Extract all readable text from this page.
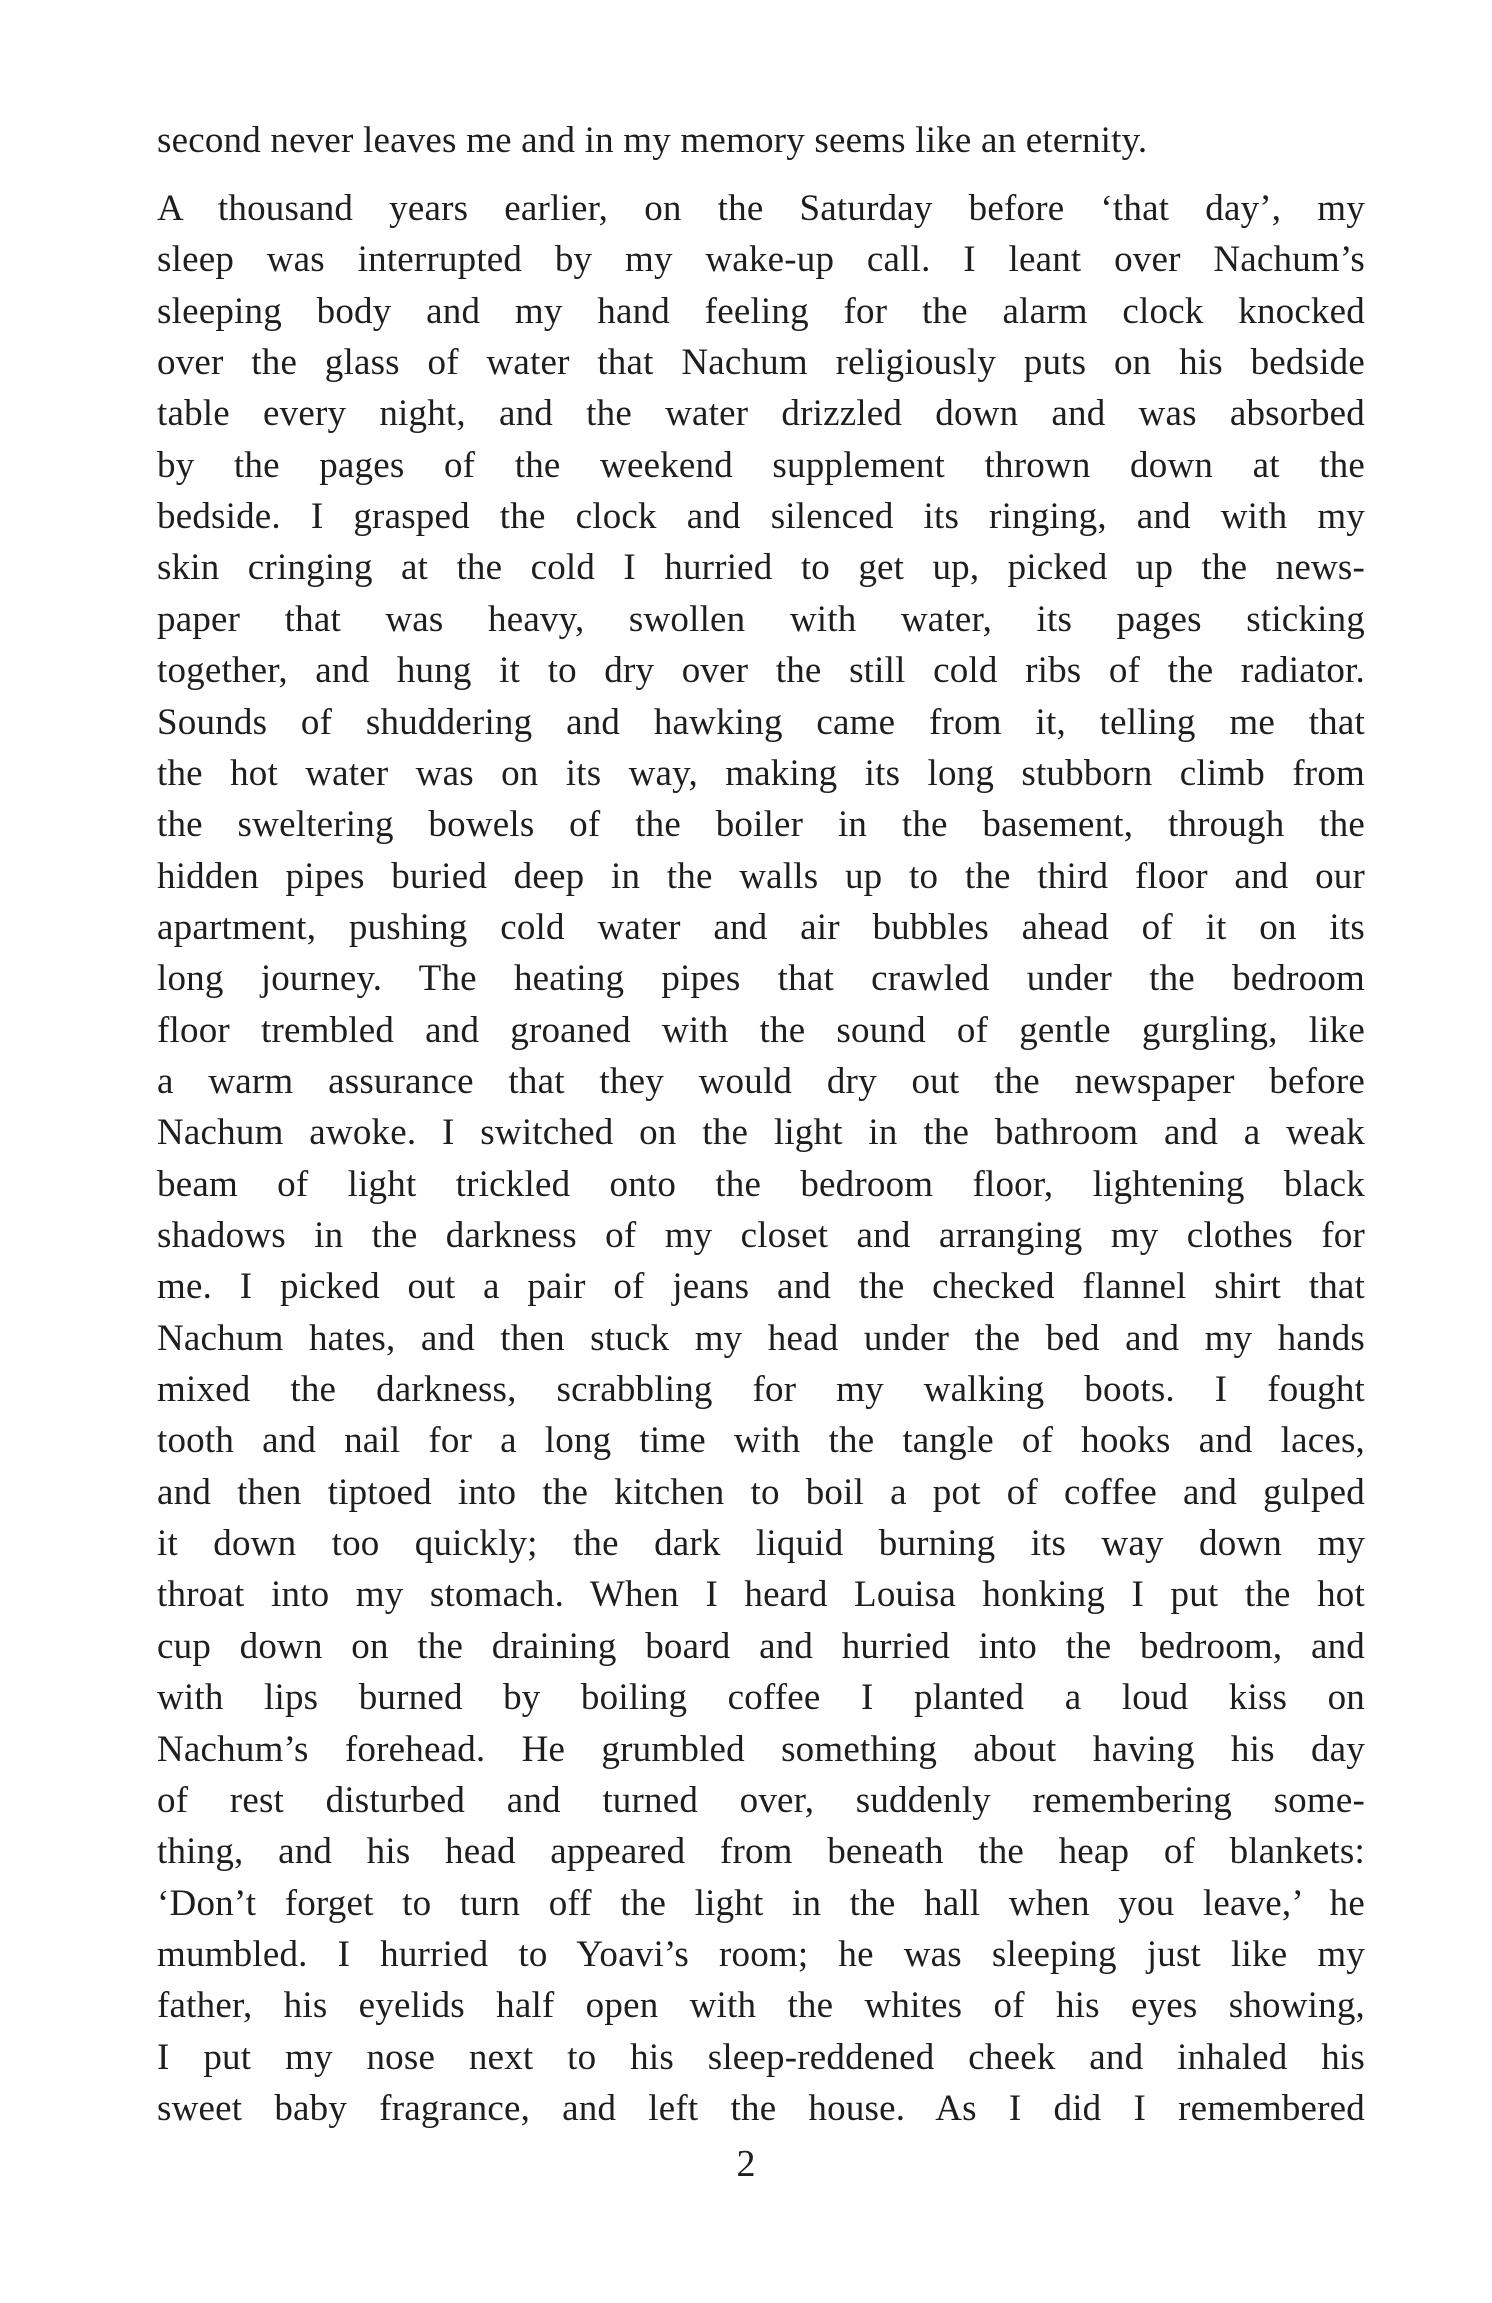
second never leaves me and in my memory seems like an eternity.
A thousand years earlier, on the Saturday before ‘that day’, my
sleep was interrupted by my wake-up call. I leant over Nachum’s
sleeping body and my hand feeling for the alarm clock knocked
over the glass of water that Nachum religiously puts on his bedside
table every night, and the water drizzled down and was absorbed
by the pages of the weekend supplement thrown down at the
bedside. I grasped the clock and silenced its ringing, and with my
skin cringing at the cold I hurried to get up, picked up the news-
paper that was heavy, swollen with water, its pages sticking
together, and hung it to dry over the still cold ribs of the radiator.
Sounds of shuddering and hawking came from it, telling me that
the hot water was on its way, making its long stubborn climb from
the sweltering bowels of the boiler in the basement, through the
hidden pipes buried deep in the walls up to the third floor and our
apartment, pushing cold water and air bubbles ahead of it on its
long journey. The heating pipes that crawled under the bedroom
floor trembled and groaned with the sound of gentle gurgling, like
a warm assurance that they would dry out the newspaper before
Nachum awoke. I switched on the light in the bathroom and a weak
beam of light trickled onto the bedroom floor, lightening black
shadows in the darkness of my closet and arranging my clothes for
me. I picked out a pair of jeans and the checked flannel shirt that
Nachum hates, and then stuck my head under the bed and my hands
mixed the darkness, scrabbling for my walking boots. I fought
tooth and nail for a long time with the tangle of hooks and laces,
and then tiptoed into the kitchen to boil a pot of coffee and gulped
it down too quickly; the dark liquid burning its way down my
throat into my stomach. When I heard Louisa honking I put the hot
cup down on the draining board and hurried into the bedroom, and
with lips burned by boiling coffee I planted a loud kiss on
Nachum’s forehead. He grumbled something about having his day
of rest disturbed and turned over, suddenly remembering some-
thing, and his head appeared from beneath the heap of blankets:
‘Don’t forget to turn off the light in the hall when you leave,’ he
mumbled. I hurried to Yoavi’s room; he was sleeping just like my
father, his eyelids half open with the whites of his eyes showing,
I put my nose next to his sleep-reddened cheek and inhaled his
sweet baby fragrance, and left the house. As I did I remembered
2
